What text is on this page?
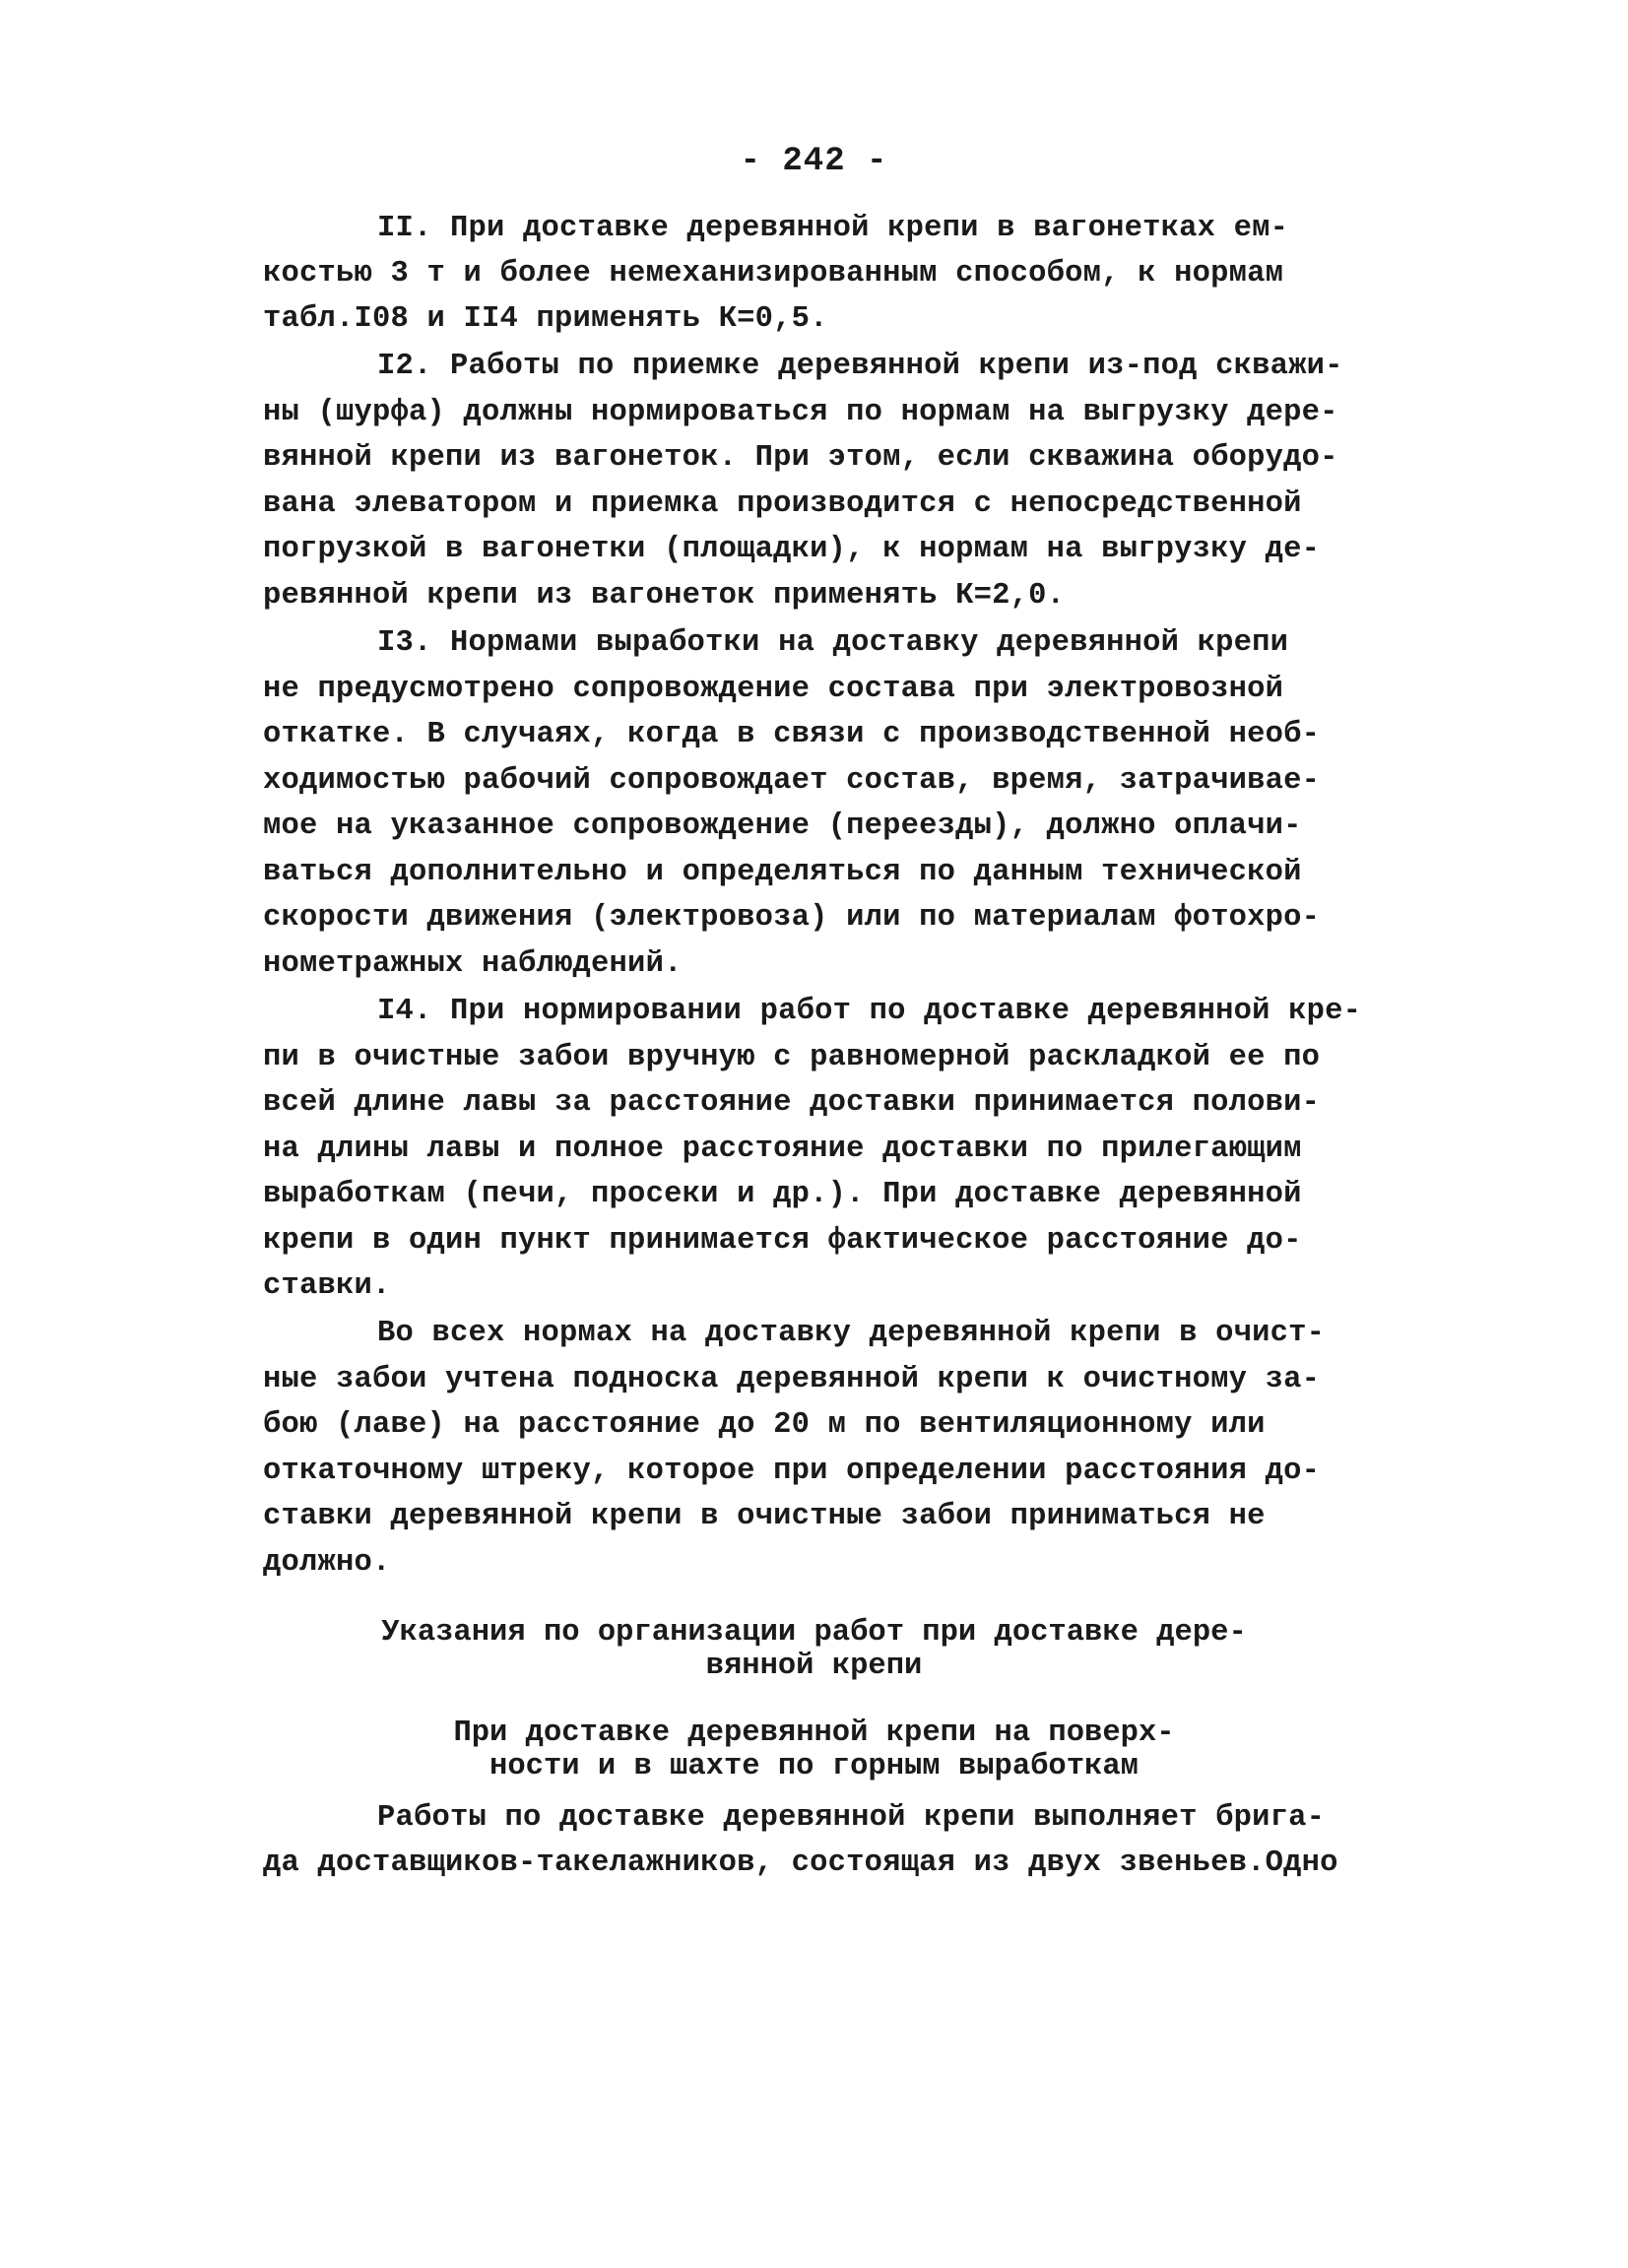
- 242 -
II. При доставке деревянной крепи в вагонетках ем-
костью 3 т и более немеханизированным способом, к нормам
табл.I08 и II4 применять К=0,5.
I2. Работы по приемке деревянной крепи из-под скважи-
ны (шурфа) должны нормироваться по нормам на выгрузку дере-
вянной крепи из вагонеток. При этом, если скважина оборудо-
вана элеватором и приемка производится с непосредственной
погрузкой в вагонетки (площадки), к нормам на выгрузку де-
ревянной крепи из вагонеток применять К=2,0.
I3. Нормами выработки на доставку деревянной крепи
не предусмотрено сопровождение состава при электровозной
откатке. В случаях, когда в связи с производственной необ-
ходимостью рабочий сопровождает состав, время, затрачивае-
мое на указанное сопровождение (переезды), должно оплачи-
ваться дополнительно и определяться по данным технической
скорости движения (электровоза) или по материалам фотохро-
нометражных наблюдений.
I4. При нормировании работ по доставке деревянной кре-
пи в очистные забои вручную с равномерной раскладкой ее по
всей длине лавы за расстояние доставки принимается полови-
на длины лавы и полное расстояние доставки по прилегающим
выработкам (печи, просеки и др.). При доставке деревянной
крепи в один пункт принимается фактическое расстояние до-
ставки.
Во всех нормах на доставку деревянной крепи в очист-
ные забои учтена подноска деревянной крепи к очистному за-
бою (лаве) на расстояние до 20 м по вентиляционному или
откаточному штреку, которое при определении расстояния до-
ставки деревянной крепи в очистные забои приниматься не
должно.
Указания по организации работ при доставке дере-
вянной крепи
При доставке деревянной крепи на поверх-
ности и в шахте по горным выработкам
Работы по доставке деревянной крепи выполняет брига-
да доставщиков-такелажников, состоящая из двух звеньев.Одно
